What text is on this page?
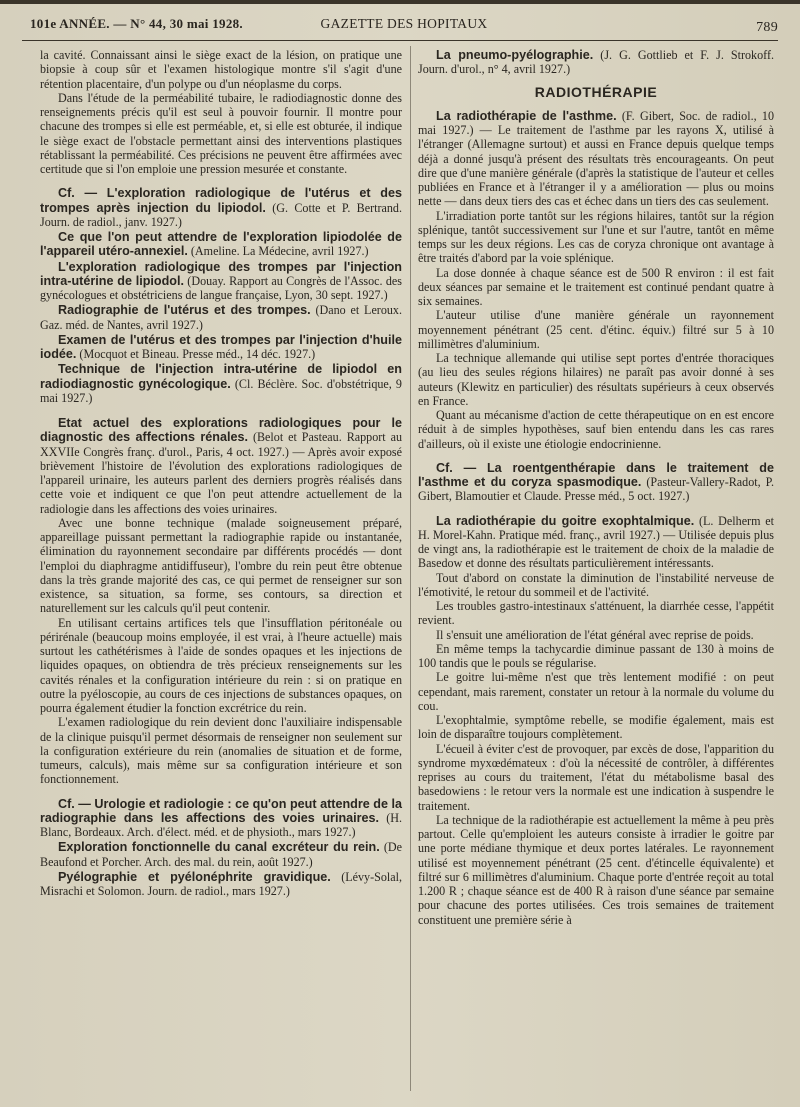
101e ANNÉE. — N° 44, 30 mai 1928.	GAZETTE DES HOPITAUX	789

la cavité. Connaissant ainsi le siège exact de la lésion, on pratique une biopsie à coup sûr et l'examen histologique montre s'il s'agit d'une rétention placentaire, d'un polype ou d'un néoplasme du corps.

Dans l'étude de la perméabilité tubaire, le radiodiagnostic donne des renseignements précis qu'il est seul à pouvoir fournir. Il montre pour chacune des trompes si elle est perméable, et, si elle est obturée, il indique le siège exact de l'obstacle permettant ainsi des interventions plastiques rétablissant la perméabilité. Ces précisions ne peuvent être affirmées avec certitude que si l'on emploie une pression mesurée et constante.

Cf. — L'exploration radiologique de l'utérus et des trompes après injection du lipiodol. (G. Cotte et P. Bertrand. Journ. de radiol., janv. 1927.)

Ce que l'on peut attendre de l'exploration lipiodolée de l'appareil utéro-annexiel. (Ameline. La Médecine, avril 1927.)

L'exploration radiologique des trompes par l'injection intra-utérine de lipiodol. (Douay. Rapport au Congrès de l'Assoc. des gynécologues et obstétriciens de langue française, Lyon, 30 sept. 1927.)

Radiographie de l'utérus et des trompes. (Dano et Leroux. Gaz. méd. de Nantes, avril 1927.)

Examen de l'utérus et des trompes par l'injection d'huile iodée. (Mocquot et Bineau. Presse méd., 14 déc. 1927.)

Technique de l'injection intra-utérine de lipiodol en radiodiagnostic gynécologique. (Cl. Béclère. Soc. d'obstétrique, 9 mai 1927.)

Etat actuel des explorations radiologiques pour le diagnostic des affections rénales. (Belot et Pasteau. Rapport au XXVIIe Congrès franç. d'urol., Paris, 4 oct. 1927.) — Après avoir exposé brièvement l'histoire de l'évolution des explorations radiologiques de l'appareil urinaire, les auteurs parlent des derniers progrès réalisés dans cette voie et indiquent ce que l'on peut attendre actuellement de la radiologie dans les affections des voies urinaires.

Avec une bonne technique (malade soigneusement préparé, appareillage puissant permettant la radiographie rapide ou instantanée, élimination du rayonnement secondaire par différents procédés — dont l'emploi du diaphragme antidiffuseur), l'ombre du rein peut être obtenue dans la très grande majorité des cas, ce qui permet de renseigner sur son existence, sa situation, sa forme, ses contours, sa direction et naturellement sur les calculs qu'il peut contenir.

En utilisant certains artifices tels que l'insufflation péritonéale ou périrénale (beaucoup moins employée, il est vrai, à l'heure actuelle) mais surtout les cathétérismes à l'aide de sondes opaques et les injections de liquides opaques, on obtiendra de très précieux renseignements sur les cavités rénales et la configuration intérieure du rein : si on pratique en outre la pyéloscopie, au cours de ces injections de substances opaques, on pourra également étudier la fonction excrétrice du rein.

L'examen radiologique du rein devient donc l'auxiliaire indispensable de la clinique puisqu'il permet désormais de renseigner non seulement sur la configuration extérieure du rein (anomalies de situation et de forme, tumeurs, calculs), mais même sur sa configuration intérieure et son fonctionnement.

Cf. — Urologie et radiologie : ce qu'on peut attendre de la radiographie dans les affections des voies urinaires. (H. Blanc, Bordeaux. Arch. d'élect. méd. et de physioth., mars 1927.)

Exploration fonctionnelle du canal excréteur du rein. (De Beaufond et Porcher. Arch. des mal. du rein, août 1927.)

Pyélographie et pyélonéphrite gravidique. (Lévy-Solal, Misrachi et Solomon. Journ. de radiol., mars 1927.)

La pneumo-pyélographie. (J. G. Gottlieb et F. J. Strokoff. Journ. d'urol., n° 4, avril 1927.)

RADIOTHÉRAPIE

La radiothérapie de l'asthme. (F. Gibert, Soc. de radiol., 10 mai 1927.) — Le traitement de l'asthme par les rayons X, utilisé à l'étranger (Allemagne surtout) et aussi en France depuis quelque temps déjà a donné jusqu'à présent des résultats très encourageants. On peut dire que d'une manière générale (d'après la statistique de l'auteur et celles publiées en France et à l'étranger il y a amélioration — plus ou moins nette — dans deux tiers des cas et échec dans un tiers des cas seulement.

L'irradiation porte tantôt sur les régions hilaires, tantôt sur la région splénique, tantôt successivement sur l'une et sur l'autre, tantôt en même temps sur les deux régions. Les cas de coryza chronique ont avantage à être traités d'abord par la voie splénique.

La dose donnée à chaque séance est de 500 R environ : il est fait deux séances par semaine et le traitement est continué pendant quatre à six semaines.

L'auteur utilise d'une manière générale un rayonnement moyennement pénétrant (25 cent. d'étinc. équiv.) filtré sur 5 à 10 millimètres d'aluminium.

La technique allemande qui utilise sept portes d'entrée thoraciques (au lieu des seules régions hilaires) ne paraît pas avoir donné à ses auteurs (Klewitz en particulier) des résultats supérieurs à ceux observés en France.

Quant au mécanisme d'action de cette thérapeutique on en est encore réduit à de simples hypothèses, sauf bien entendu dans les cas rares d'ailleurs, où il existe une étiologie endocrinienne.

Cf. — La roentgenthérapie dans le traitement de l'asthme et du coryza spasmodique. (Pasteur-Vallery-Radot, P. Gibert, Blamoutier et Claude. Presse méd., 5 oct. 1927.)

La radiothérapie du goitre exophtalmique. (L. Delherm et H. Morel-Kahn. Pratique méd. franç., avril 1927.) — Utilisée depuis plus de vingt ans, la radiothérapie est le traitement de choix de la maladie de Basedow et donne des résultats particulièrement intéressants.

Tout d'abord on constate la diminution de l'instabilité nerveuse de l'émotivité, le retour du sommeil et de l'activité.

Les troubles gastro-intestinaux s'atténuent, la diarrhée cesse, l'appétit revient.

Il s'ensuit une amélioration de l'état général avec reprise de poids.

En même temps la tachycardie diminue passant de 130 à moins de 100 tandis que le pouls se régularise.

Le goitre lui-même n'est que très lentement modifié : on peut cependant, mais rarement, constater un retour à la normale du volume du cou.

L'exophtalmie, symptôme rebelle, se modifie également, mais est loin de disparaître toujours complètement.

L'écueil à éviter c'est de provoquer, par excès de dose, l'apparition du syndrome myxœdémateux : d'où la nécessité de contrôler, à différentes reprises au cours du traitement, l'état du métabolisme basal des basedowiens : le retour vers la normale est une indication à suspendre le traitement.

La technique de la radiothérapie est actuellement la même à peu près partout. Celle qu'emploient les auteurs consiste à irradier le goitre par une porte médiane thymique et deux portes latérales. Le rayonnement utilisé est moyennement pénétrant (25 cent. d'étincelle équivalente) et filtré sur 6 millimètres d'aluminium. Chaque porte d'entrée reçoit au total 1.200 R ; chaque séance est de 400 R à raison d'une séance par semaine pour chacune des portes utilisées. Ces trois semaines de traitement constituent une première série à
